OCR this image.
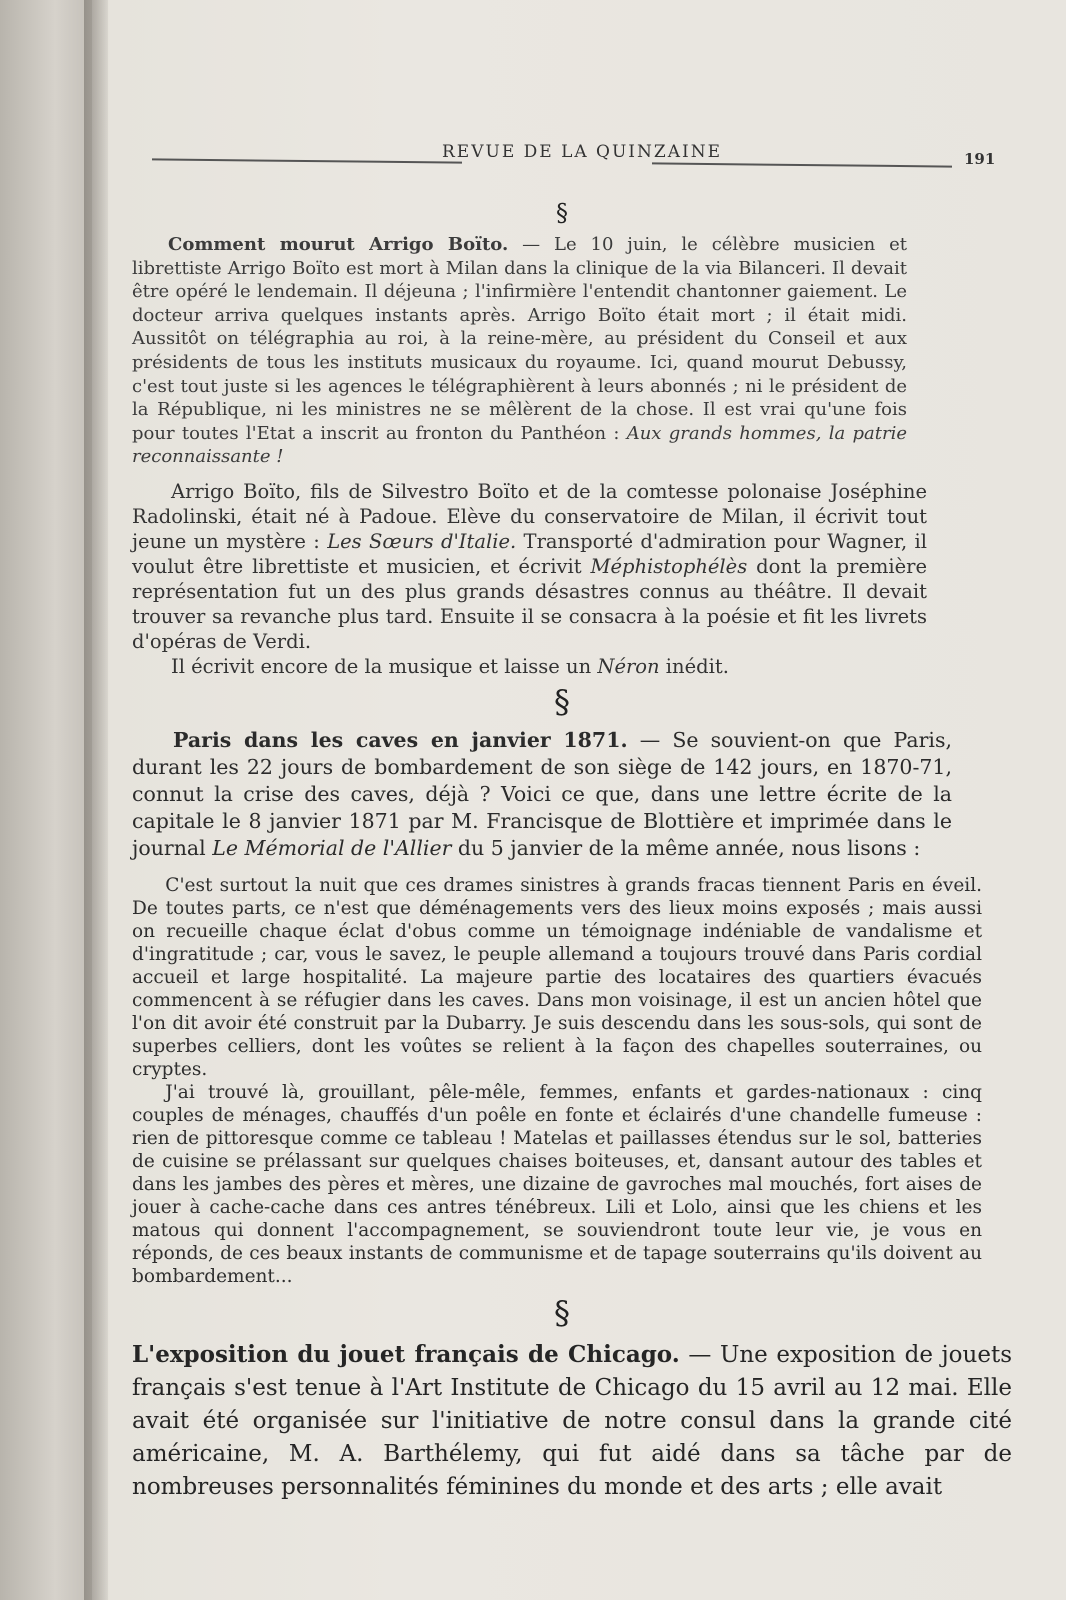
REVUE DE LA QUINZAINE	191
§

Comment mourut Arrigo Boïto. — Le 10 juin, le célèbre musicien et librettiste Arrigo Boïto est mort à Milan dans la clinique de la via Bilanceri. Il devait être opéré le lendemain. Il déjeuna ; l'infirmière l'entendit chantonner gaiement. Le docteur arriva quelques instants après. Arrigo Boïto était mort ; il était midi. Aussitôt on télégraphia au roi, à la reine-mère, au président du Conseil et aux présidents de tous les instituts musicaux du royaume. Ici, quand mourut Debussy, c'est tout juste si les agences le télégraphièrent à leurs abonnés ; ni le président de la République, ni les ministres ne se mêlèrent de la chose. Il est vrai qu'une fois pour toutes l'Etat a inscrit au fronton du Panthéon : Aux grands hommes, la patrie reconnaissante !

Arrigo Boïto, fils de Silvestro Boïto et de la comtesse polonaise Joséphine Radolinski, était né à Padoue. Elève du conservatoire de Milan, il écrivit tout jeune un mystère : Les Sœurs d'Italie. Transporté d'admiration pour Wagner, il voulut être librettiste et musicien, et écrivit Méphistophélès dont la première représentation fut un des plus grands désastres connus au théâtre. Il devait trouver sa revanche plus tard. Ensuite il se consacra à la poésie et fit les livrets d'opéras de Verdi.

Il écrivit encore de la musique et laisse un Néron inédit.

§

Paris dans les caves en janvier 1871. — Se souvient-on que Paris, durant les 22 jours de bombardement de son siège de 142 jours, en 1870-71, connut la crise des caves, déjà ? Voici ce que, dans une lettre écrite de la capitale le 8 janvier 1871 par M. Francisque de Blottière et imprimée dans le journal Le Mémorial de l'Allier du 5 janvier de la même année, nous lisons :

C'est surtout la nuit que ces drames sinistres à grands fracas tiennent Paris en éveil. De toutes parts, ce n'est que déménagements vers des lieux moins exposés ; mais aussi on recueille chaque éclat d'obus comme un témoignage indéniable de vandalisme et d'ingratitude ; car, vous le savez, le peuple allemand a toujours trouvé dans Paris cordial accueil et large hospitalité. La majeure partie des locataires des quartiers évacués commencent à se réfugier dans les caves. Dans mon voisinage, il est un ancien hôtel que l'on dit avoir été construit par la Dubarry. Je suis descendu dans les sous-sols, qui sont de superbes celliers, dont les voûtes se relient à la façon des chapelles souterraines, ou cryptes.

J'ai trouvé là, grouillant, pêle-mêle, femmes, enfants et gardes-nationaux : cinq couples de ménages, chauffés d'un poêle en fonte et éclairés d'une chandelle fumeuse : rien de pittoresque comme ce tableau ! Matelas et paillasses étendus sur le sol, batteries de cuisine se prélassant sur quelques chaises boiteuses, et, dansant autour des tables et dans les jambes des pères et mères, une dizaine de gavroches mal mouchés, fort aises de jouer à cache-cache dans ces antres ténébreux. Lili et Lolo, ainsi que les chiens et les matous qui donnent l'accompagnement, se souviendront toute leur vie, je vous en réponds, de ces beaux instants de communisme et de tapage souterrains qu'ils doivent au bombardement...

§

L'exposition du jouet français de Chicago. — Une exposition de jouets français s'est tenue à l'Art Institute de Chicago du 15 avril au 12 mai. Elle avait été organisée sur l'initiative de notre consul dans la grande cité américaine, M. A. Barthélemy, qui fut aidé dans sa tâche par de nombreuses personnalités féminines du monde et des arts ; elle avait
